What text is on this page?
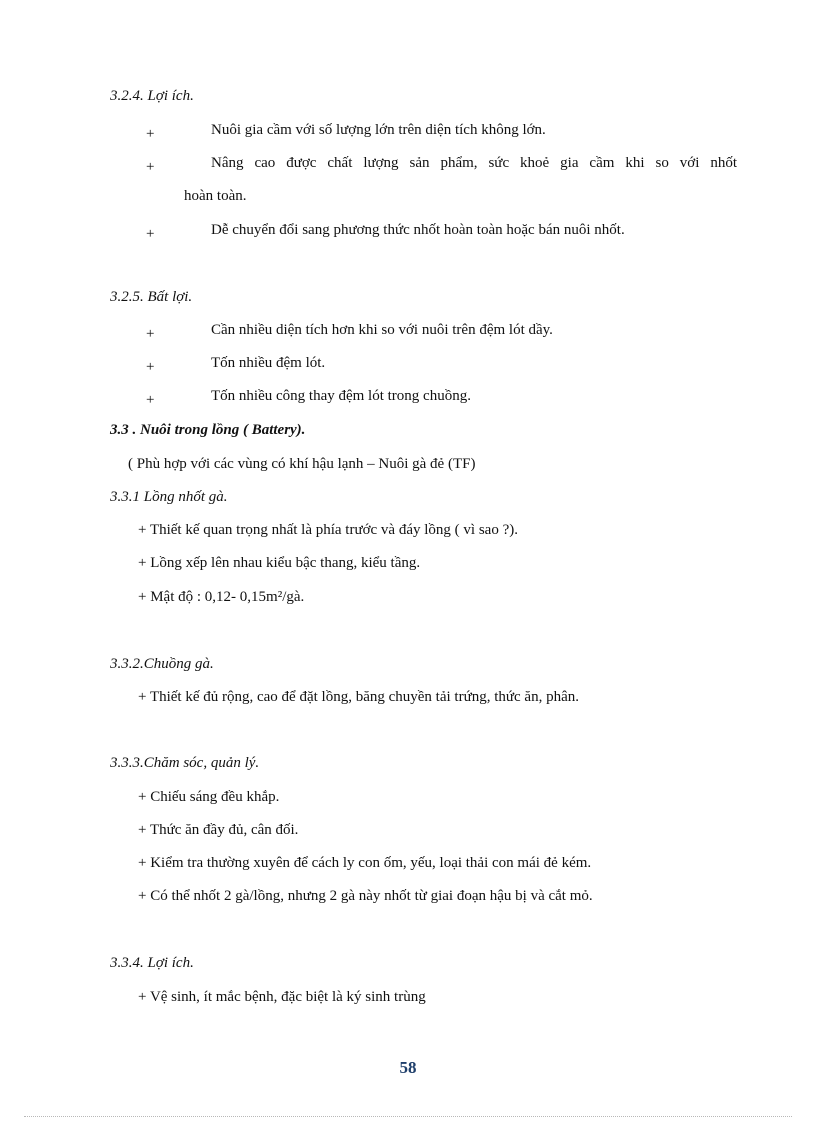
3.2.4. Lợi ích.
+	Nuôi gia cầm với số lượng lớn trên diện tích không lớn.
+	Nâng cao được chất lượng sản phẩm, sức khoẻ gia cầm khi so với nhốt
hoàn toàn.
+	Dễ chuyển đổi sang phương thức nhốt hoàn toàn hoặc bán nuôi nhốt.
3.2.5. Bất lợi.
+	Cần nhiều diện tích hơn khi so với nuôi trên đệm lót dầy.
+	Tốn nhiều đệm lót.
+	Tốn nhiều công thay đệm lót trong chuồng.
3.3 . Nuôi trong lồng ( Battery).
( Phù hợp với các vùng có khí hậu lạnh – Nuôi gà đẻ (TF)
3.3.1 Lồng nhốt gà.
+ Thiết kế quan trọng nhất là phía trước và đáy lồng ( vì sao ?).
+ Lồng xếp lên nhau kiểu bậc thang, kiểu tầng.
+ Mật độ : 0,12- 0,15m²/gà.
3.3.2.Chuồng gà.
+ Thiết kế đủ rộng, cao để đặt lồng, băng chuyền tải trứng, thức ăn, phân.
3.3.3.Chăm sóc, quản lý.
+ Chiếu sáng đều khắp.
+ Thức ăn đầy đủ, cân đối.
+ Kiểm tra thường xuyên để cách ly con ốm, yếu, loại thải con mái đẻ kém.
+ Có thể nhốt 2 gà/lồng, nhưng 2 gà này nhốt từ giai đoạn hậu bị và cắt mỏ.
3.3.4. Lợi ích.
+ Vệ sinh, ít mắc bệnh, đặc biệt là ký sinh trùng
58
